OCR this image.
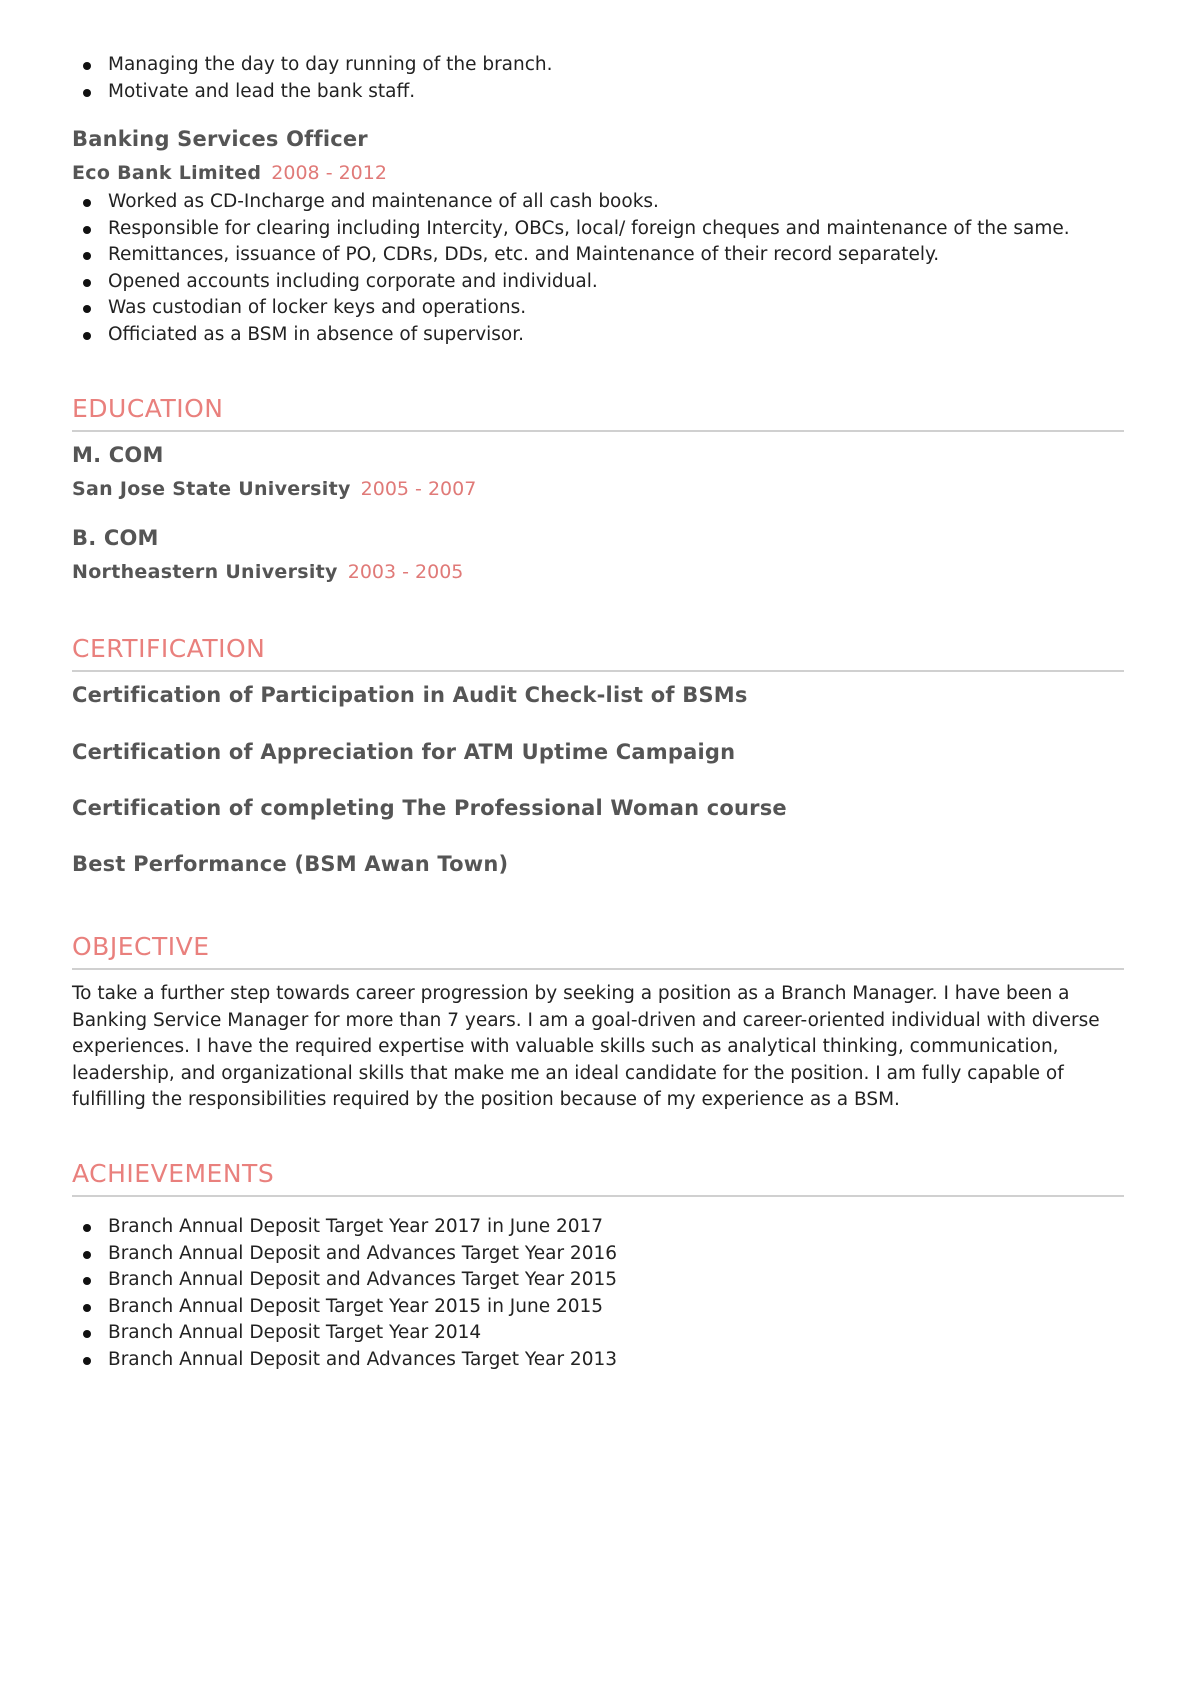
Managing the day to day running of the branch.
Motivate and lead the bank staff.
Banking Services Officer
Eco Bank Limited 2008 - 2012
Worked as CD-Incharge and maintenance of all cash books.
Responsible for clearing including Intercity, OBCs, local/ foreign cheques and maintenance of the same.
Remittances, issuance of PO, CDRs, DDs, etc. and Maintenance of their record separately.
Opened accounts including corporate and individual.
Was custodian of locker keys and operations.
Officiated as a BSM in absence of supervisor.
EDUCATION
M. COM
San Jose State University 2005 - 2007
B. COM
Northeastern University 2003 - 2005
CERTIFICATION
Certification of Participation in Audit Check-list of BSMs
Certification of Appreciation for ATM Uptime Campaign
Certification of completing The Professional Woman course
Best Performance (BSM Awan Town)
OBJECTIVE
To take a further step towards career progression by seeking a position as a Branch Manager. I have been a Banking Service Manager for more than 7 years. I am a goal-driven and career-oriented individual with diverse experiences. I have the required expertise with valuable skills such as analytical thinking, communication, leadership, and organizational skills that make me an ideal candidate for the position. I am fully capable of fulfilling the responsibilities required by the position because of my experience as a BSM.
ACHIEVEMENTS
Branch Annual Deposit Target Year 2017 in June 2017
Branch Annual Deposit and Advances Target Year 2016
Branch Annual Deposit and Advances Target Year 2015
Branch Annual Deposit Target Year 2015 in June 2015
Branch Annual Deposit Target Year 2014
Branch Annual Deposit and Advances Target Year 2013
